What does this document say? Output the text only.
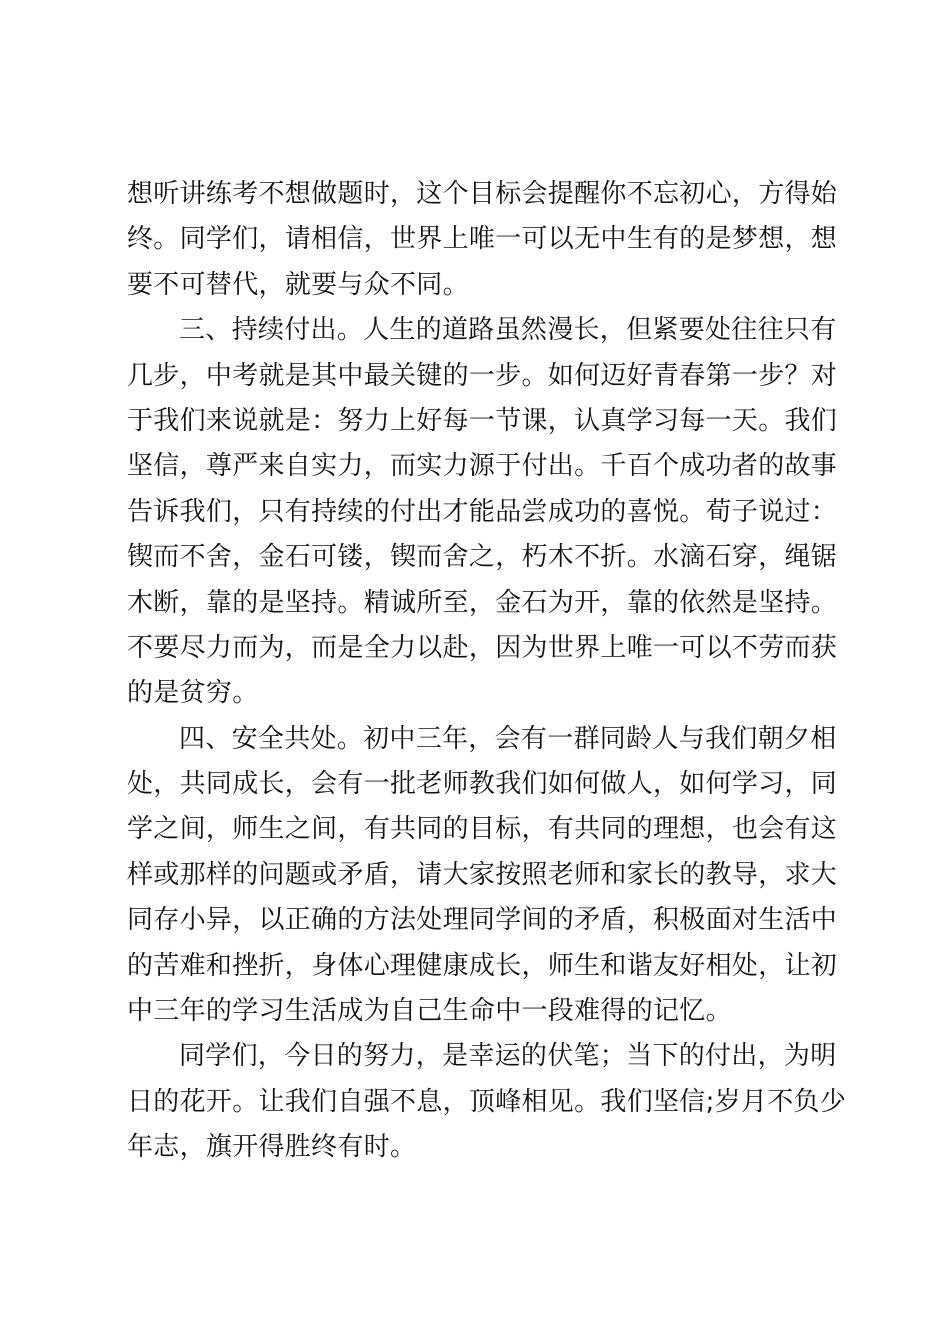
想听讲练考不想做题时，这个目标会提醒你不忘初心，方得始
终。同学们，请相信，世界上唯一可以无中生有的是梦想，想
要不可替代，就要与众不同。
三、持续付出。人生的道路虽然漫长，但紧要处往往只有
几步，中考就是其中最关键的一步。如何迈好青春第一步？对
于我们来说就是：努力上好每一节课，认真学习每一天。我们
坚信，尊严来自实力，而实力源于付出。千百个成功者的故事
告诉我们，只有持续的付出才能品尝成功的喜悦。荀子说过：
锲而不舍，金石可镂，锲而舍之，朽木不折。水滴石穿，绳锯
木断，靠的是坚持。精诚所至，金石为开，靠的依然是坚持。
不要尽力而为，而是全力以赴，因为世界上唯一可以不劳而获
的是贫穷。
四、安全共处。初中三年，会有一群同龄人与我们朝夕相
处，共同成长，会有一批老师教我们如何做人，如何学习，同
学之间，师生之间，有共同的目标，有共同的理想，也会有这
样或那样的问题或矛盾，请大家按照老师和家长的教导，求大
同存小异，以正确的方法处理同学间的矛盾，积极面对生活中
的苦难和挫折，身体心理健康成长，师生和谐友好相处，让初
中三年的学习生活成为自己生命中一段难得的记忆。
同学们，今日的努力，是幸运的伏笔；当下的付出，为明
日的花开。让我们自强不息，顶峰相见。我们坚信;岁月不负少
年志，旗开得胜终有时。
